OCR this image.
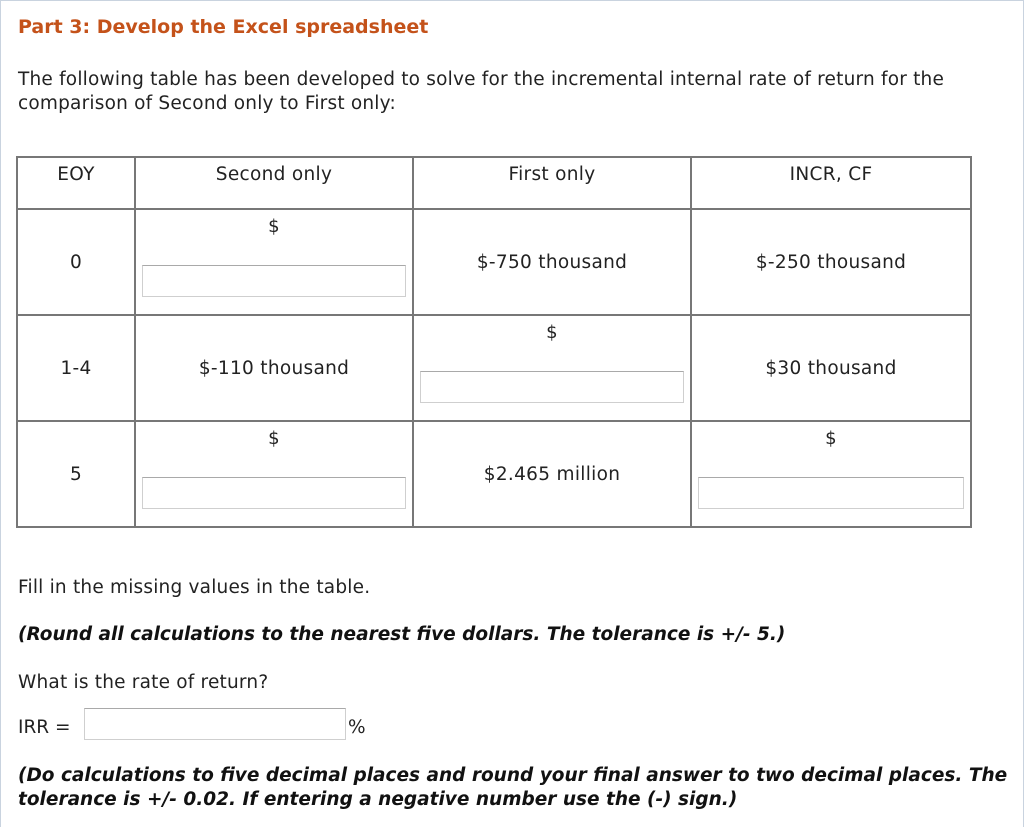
Part 3: Develop the Excel spreadsheet
The following table has been developed to solve for the incremental internal rate of return for the comparison of Second only to First only:
EOY	Second only	First only	INCR, CF
0	$	$-750 thousand	$-250 thousand

1-4	$-110 thousand	$	$30 thousand

5	$	$2.465 million	$
Fill in the missing values in the table.
(Round all calculations to the nearest five dollars. The tolerance is +/- 5.)
What is the rate of return?
IRR =	%
(Do calculations to five decimal places and round your final answer to two decimal places. The tolerance is +/- 0.02. If entering a negative number use the (-) sign.)
